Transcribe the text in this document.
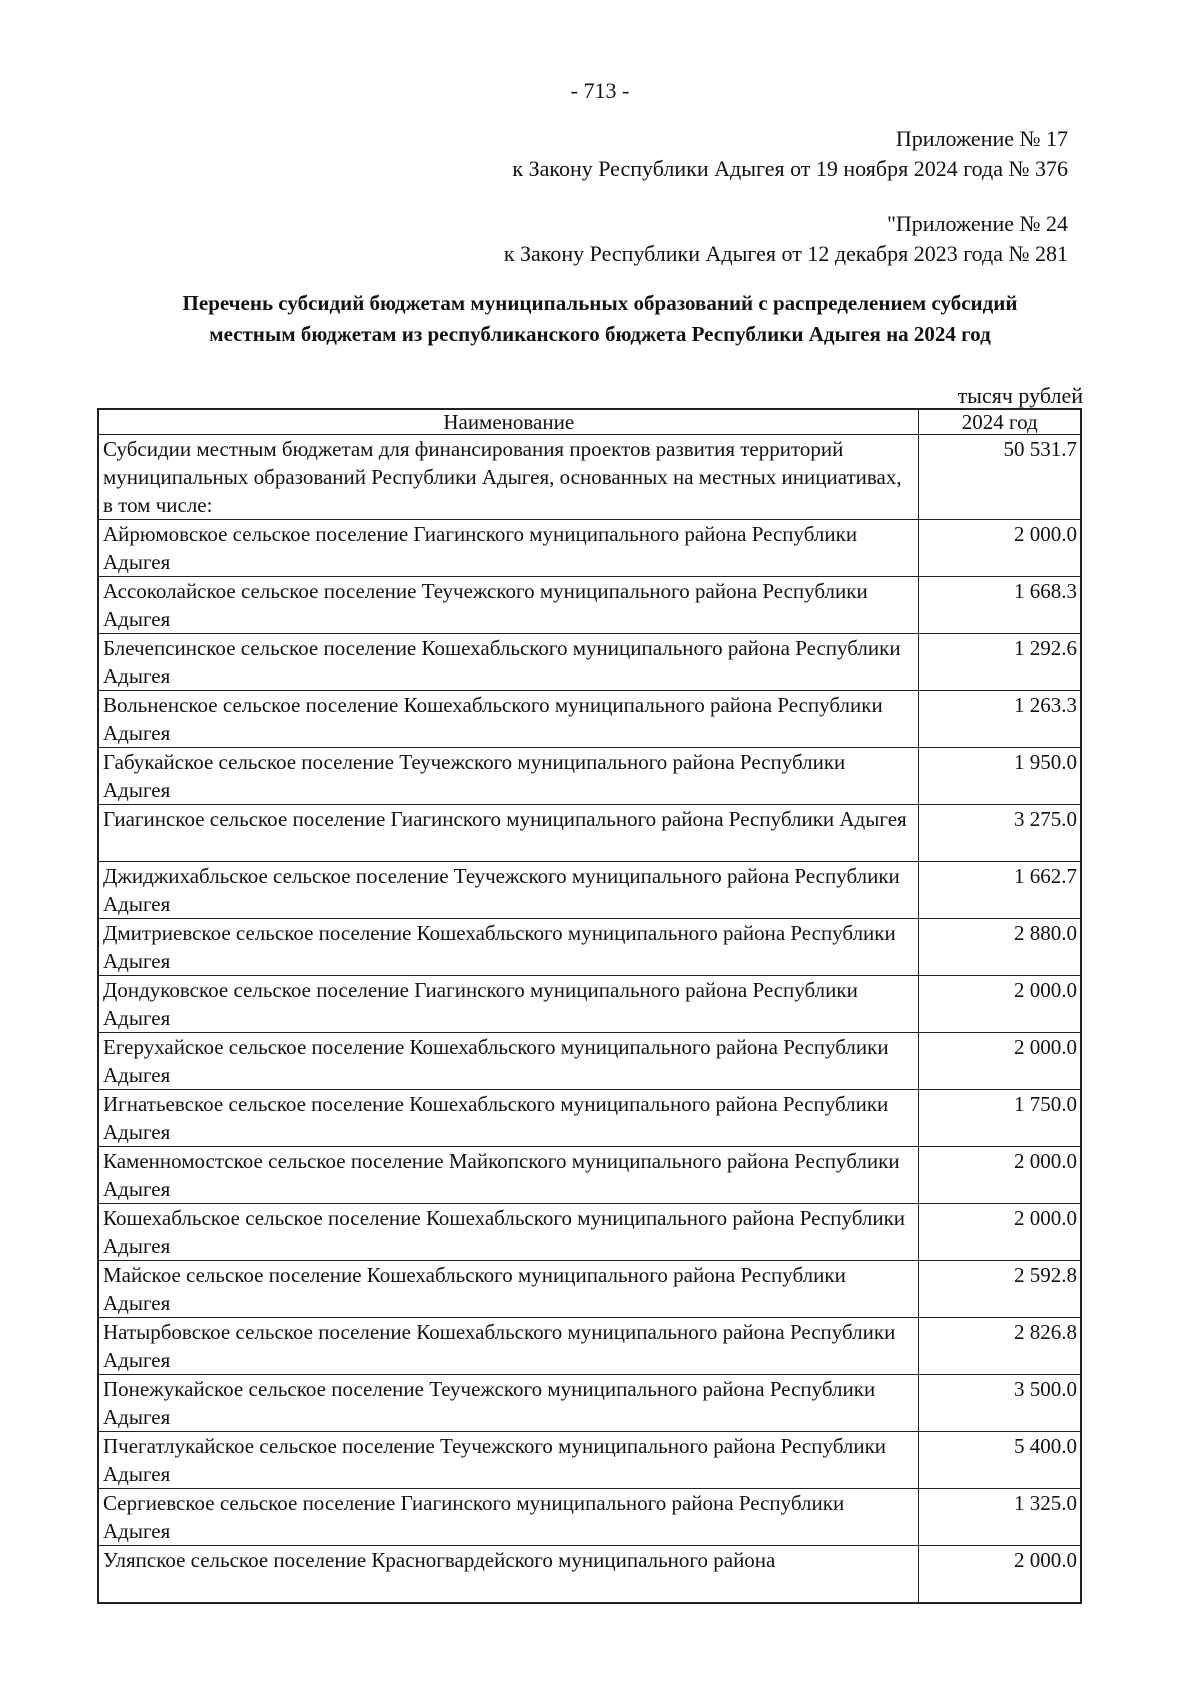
- 713 -
Приложение № 17
к Закону Республики Адыгея от 19 ноября 2024 года № 376
"Приложение № 24
к Закону Республики Адыгея от 12 декабря 2023 года № 281
Перечень субсидий бюджетам муниципальных образований с распределением субсидий
местным бюджетам из республиканского бюджета Республики Адыгея на 2024 год
тысяч рублей
Наименование	2024 год
Субсидии местным бюджетам для финансирования проектов развития территорий муниципальных образований Республики Адыгея, основанных на местных инициативах, в том числе:	50 531.7
Айрюмовское сельское поселение Гиагинского муниципального района Республики Адыгея	2 000.0
Ассоколайское сельское поселение Теучежского муниципального района Республики Адыгея	1 668.3
Блечепсинское сельское поселение Кошехабльского муниципального района Республики Адыгея	1 292.6
Вольненское сельское поселение Кошехабльского муниципального района Республики Адыгея	1 263.3
Габукайское сельское поселение Теучежского муниципального района Республики Адыгея	1 950.0
Гиагинское сельское поселение Гиагинского муниципального района Республики Адыгея	3 275.0
Джиджихабльское сельское поселение Теучежского муниципального района Республики Адыгея	1 662.7
Дмитриевское сельское поселение Кошехабльского муниципального района Республики Адыгея	2 880.0
Дондуковское сельское поселение Гиагинского муниципального района Республики Адыгея	2 000.0
Егерухайское сельское поселение Кошехабльского муниципального района Республики Адыгея	2 000.0
Игнатьевское сельское поселение Кошехабльского муниципального района Республики Адыгея	1 750.0
Каменномостское сельское поселение Майкопского муниципального района Республики Адыгея	2 000.0
Кошехабльское сельское поселение Кошехабльского муниципального района Республики Адыгея	2 000.0
Майское сельское поселение Кошехабльского муниципального района Республики Адыгея	2 592.8
Натырбовское сельское поселение Кошехабльского муниципального района Республики Адыгея	2 826.8
Понежукайское сельское поселение Теучежского муниципального района Республики Адыгея	3 500.0
Пчегатлукайское сельское поселение Теучежского муниципального района Республики Адыгея	5 400.0
Сергиевское сельское поселение Гиагинского муниципального района Республики Адыгея	1 325.0
Уляпское сельское поселение Красногвардейского муниципального района	2 000.0
